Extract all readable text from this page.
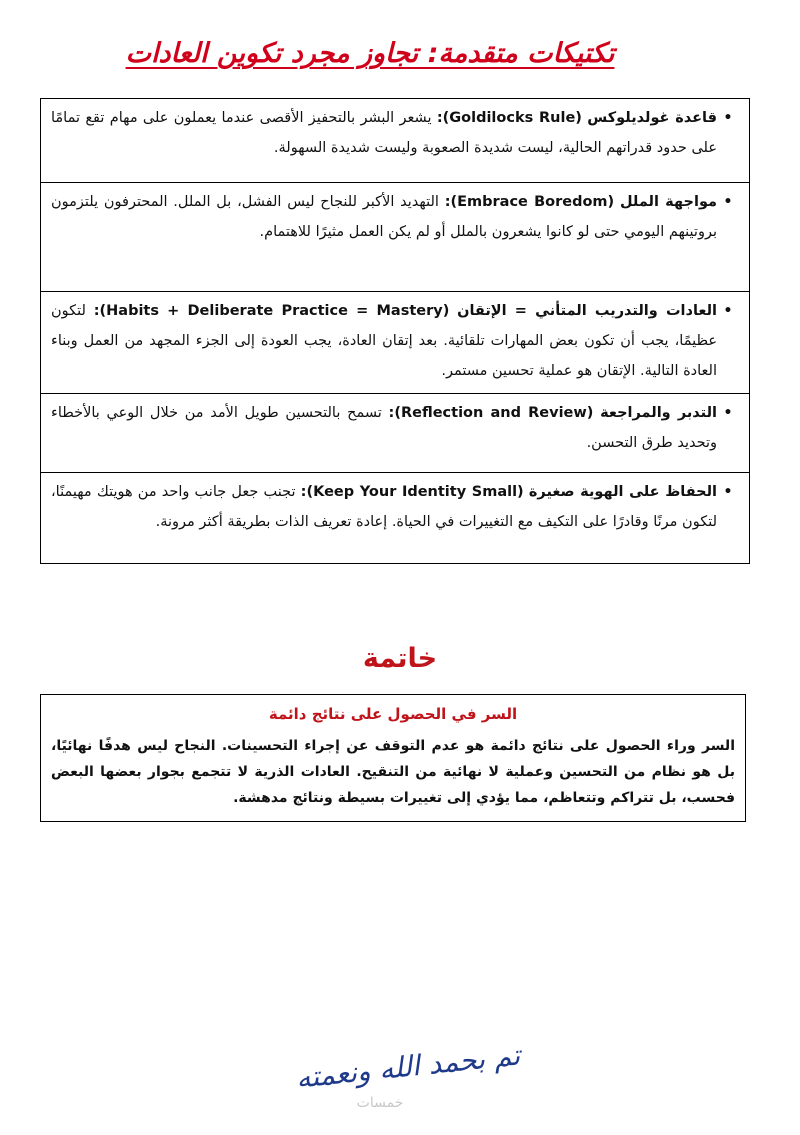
تكتيكات متقدمة: تجاوز مجرد تكوين العادات
•
قاعدة غولديلوكس :(Goldilocks Rule) يشعر البشر بالتحفيز الأقصى عندما يعملون على مهام تقع تمامًا على حدود قدراتهم الحالية، ليست شديدة الصعوبة وليست شديدة السهولة.

•
مواجهة الملل :(Embrace Boredom) التهديد الأكبر للنجاح ليس الفشل، بل الملل. المحترفون يلتزمون بروتينهم اليومي حتى لو كانوا يشعرون بالملل أو لم يكن العمل مثيرًا للاهتمام.

•
العادات والتدريب المتأني = الإتقان :(Habits + Deliberate Practice = Mastery) لتكون عظيمًا، يجب أن تكون بعض المهارات تلقائية. بعد إتقان العادة، يجب العودة إلى الجزء المجهد من العمل وبناء العادة التالية. الإتقان هو عملية تحسين مستمر.

•
التدبر والمراجعة :(Reflection and Review) تسمح بالتحسين طويل الأمد من خلال الوعي بالأخطاء وتحديد طرق التحسن.

•
الحفاظ على الهوية صغيرة :(Keep Your Identity Small) تجنب جعل جانب واحد من هويتك مهيمنًا، لتكون مرنًا وقادرًا على التكيف مع التغييرات في الحياة. إعادة تعريف الذات بطريقة أكثر مرونة.
خاتمة
السر في الحصول على نتائج دائمة
السر وراء الحصول على نتائج دائمة هو عدم التوقف عن إجراء التحسينات. النجاح ليس هدفًا نهائيًا، بل هو نظام من التحسين وعملية لا نهائية من التنقيح. العادات الذرية لا تتجمع بجوار بعضها البعض فحسب، بل تتراكم وتتعاظم، مما يؤدي إلى تغييرات بسيطة ونتائج مدهشة.
تم بحمد الله ونعمته
خمسات
